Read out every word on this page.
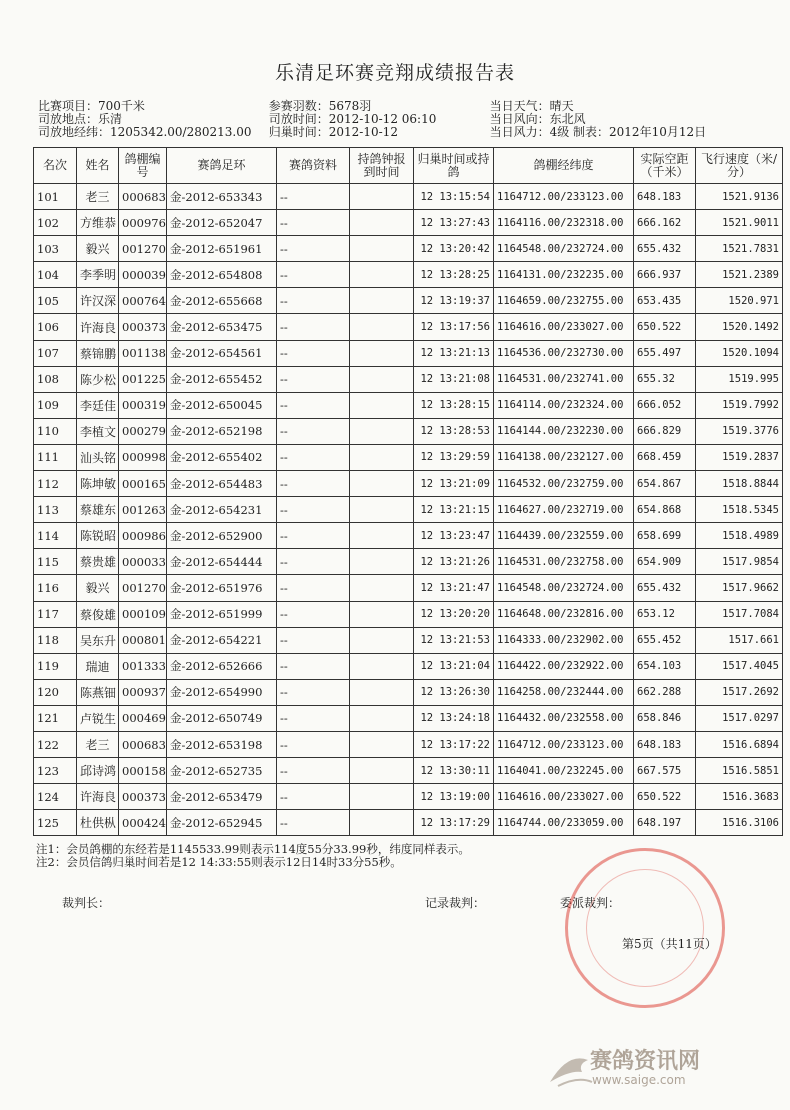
乐清足环赛竞翔成绩报告表
比赛项目：700千米	参赛羽数：5678羽	当日天气：晴天
司放地点：乐清	司放时间：2012-10-12 06:10	当日风向：东北风
司放地经纬：1205342.00/280213.00	归巢时间：2012-10-12	当日风力：4级 制表：2012年10月12日
名次	姓名	鸽棚编号	赛鸽足环	赛鸽资料	持鸽钟报到时间	归巢时间或持鸽	鸽棚经纬度	实际空距（千米）	飞行速度（米/分）
101	老三	000683	金-2012-653343	--		12 13:15:54	1164712.00/233123.00	648.183	1521.9136
102	方维恭	000976	金-2012-652047	--		12 13:27:43	1164116.00/232318.00	666.162	1521.9011
103	毅兴	001270	金-2012-651961	--		12 13:20:42	1164548.00/232724.00	655.432	1521.7831
104	李季明	000039	金-2012-654808	--		12 13:28:25	1164131.00/232235.00	666.937	1521.2389
105	许汉深	000764	金-2012-655668	--		12 13:19:37	1164659.00/232755.00	653.435	1520.971
106	许海良	000373	金-2012-653475	--		12 13:17:56	1164616.00/233027.00	650.522	1520.1492
107	蔡锦鹏	001138	金-2012-654561	--		12 13:21:13	1164536.00/232730.00	655.497	1520.1094
108	陈少松	001225	金-2012-655452	--		12 13:21:08	1164531.00/232741.00	655.32	1519.995
109	李廷佳	000319	金-2012-650045	--		12 13:28:15	1164114.00/232324.00	666.052	1519.7992
110	李植文	000279	金-2012-652198	--		12 13:28:53	1164144.00/232230.00	666.829	1519.3776
111	汕头铭	000998	金-2012-655402	--		12 13:29:59	1164138.00/232127.00	668.459	1519.2837
112	陈坤敏	000165	金-2012-654483	--		12 13:21:09	1164532.00/232759.00	654.867	1518.8844
113	蔡雄东	001263	金-2012-654231	--		12 13:21:15	1164627.00/232719.00	654.868	1518.5345
114	陈锐昭	000986	金-2012-652900	--		12 13:23:47	1164439.00/232559.00	658.699	1518.4989
115	蔡贵雄	000033	金-2012-654444	--		12 13:21:26	1164531.00/232758.00	654.909	1517.9854
116	毅兴	001270	金-2012-651976	--		12 13:21:47	1164548.00/232724.00	655.432	1517.9662
117	蔡俊雄	000109	金-2012-651999	--		12 13:20:20	1164648.00/232816.00	653.12	1517.7084
118	吴东升	000801	金-2012-654221	--		12 13:21:53	1164333.00/232902.00	655.452	1517.661
119	瑞迪	001333	金-2012-652666	--		12 13:21:04	1164422.00/232922.00	654.103	1517.4045
120	陈燕钿	000937	金-2012-654990	--		12 13:26:30	1164258.00/232444.00	662.288	1517.2692
121	卢锐生	000469	金-2012-650749	--		12 13:24:18	1164432.00/232558.00	658.846	1517.0297
122	老三	000683	金-2012-653198	--		12 13:17:22	1164712.00/233123.00	648.183	1516.6894
123	邱诗鸿	000158	金-2012-652735	--		12 13:30:11	1164041.00/232245.00	667.575	1516.5851
124	许海良	000373	金-2012-653479	--		12 13:19:00	1164616.00/233027.00	650.522	1516.3683
125	杜供枞	000424	金-2012-652945	--		12 13:17:29	1164744.00/233059.00	648.197	1516.3106
注1：会员鸽棚的东经若是1145533.99则表示114度55分33.99秒，纬度同样表示。
注2：会员信鸽归巢时间若是12 14:33:55则表示12日14时33分55秒。
裁判长：	记录裁判：	委派裁判：
第5页（共11页）
赛鸽资讯网
www.saige.com
